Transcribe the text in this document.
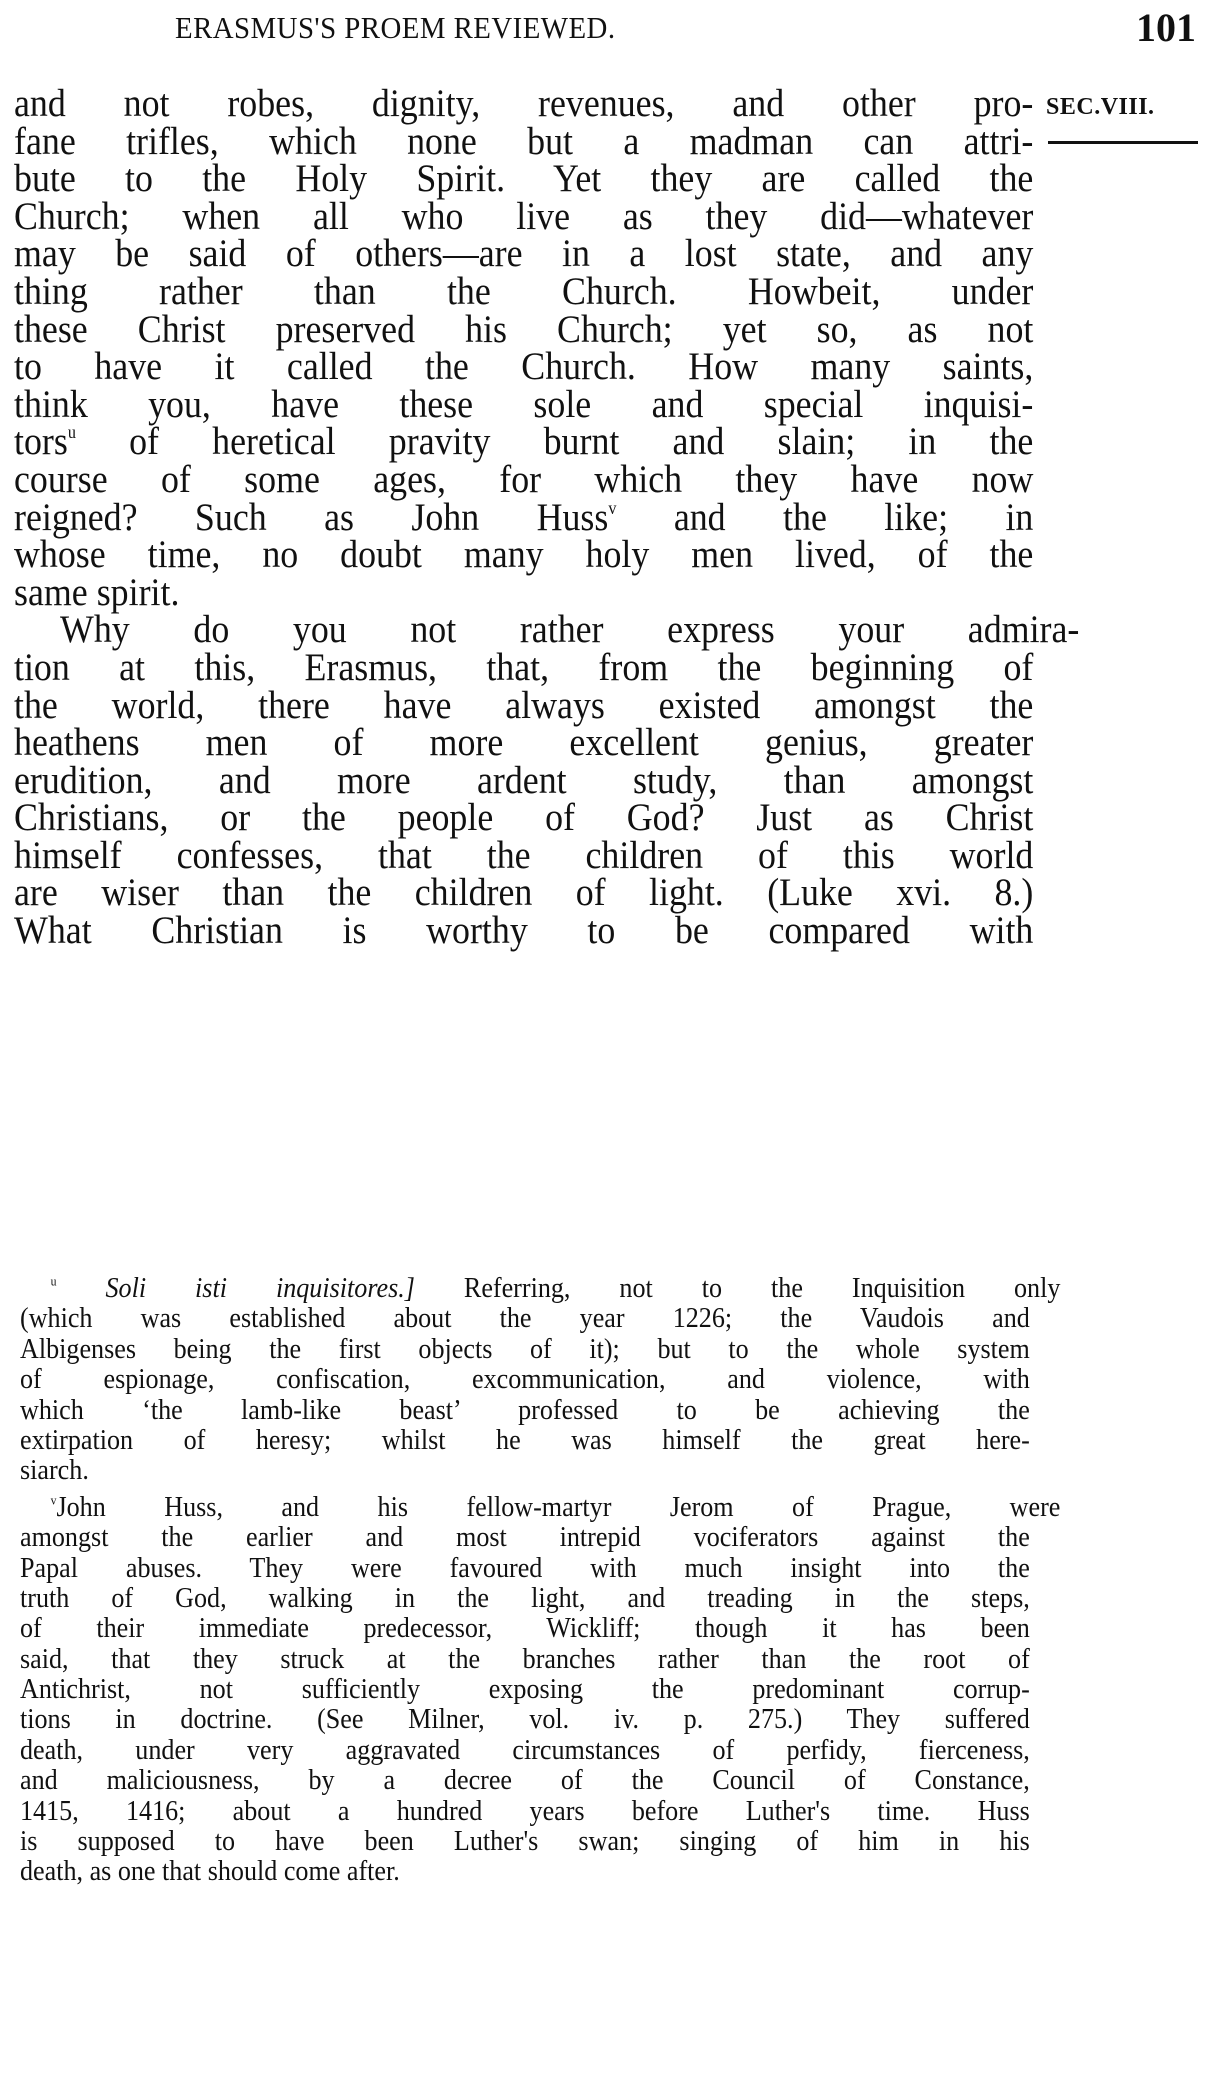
ERASMUS'S PROEM REVIEWED.	101
SEC.VIII.
and not robes, dignity, revenues, and other pro-
fane trifles, which none but a madman can attri-
bute to the Holy Spirit. Yet they are called the
Church; when all who live as they did—whatever
may be said of others—are in a lost state, and any
thing rather than the Church. Howbeit, under
these Christ preserved his Church; yet so, as not
to have it called the Church. How many saints,
think you, have these sole and special inquisi-
tors$^u$ of heretical pravity burnt and slain; in the
course of some ages, for which they have now
reigned? Such as John Huss$^v$ and the like; in
whose time, no doubt many holy men lived, of the
same spirit.
Why do you not rather express your admira-
tion at this, Erasmus, that, from the beginning of
the world, there have always existed amongst the
heathens men of more excellent genius, greater
erudition, and more ardent study, than amongst
Christians, or the people of God? Just as Christ
himself confesses, that the children of this world
are wiser than the children of light. (Luke xvi. 8.)
What Christian is worthy to be compared with
$^u$ Soli isti inquisitores.] Referring, not to the Inquisition only
(which was established about the year 1226; the Vaudois and
Albigenses being the first objects of it); but to the whole system
of espionage, confiscation, excommunication, and violence, with
which ‘the lamb-like beast’ professed to be achieving the
extirpation of heresy; whilst he was himself the great here-
siarch.
$^v$John Huss, and his fellow-martyr Jerom of Prague, were
amongst the earlier and most intrepid vociferators against the
Papal abuses. They were favoured with much insight into the
truth of God, walking in the light, and treading in the steps,
of their immediate predecessor, Wickliff; though it has been
said, that they struck at the branches rather than the root of
Antichrist, not sufficiently exposing the predominant corrup-
tions in doctrine. (See Milner, vol. iv. p. 275.) They suffered
death, under very aggravated circumstances of perfidy, fierceness,
and maliciousness, by a decree of the Council of Constance,
1415, 1416; about a hundred years before Luther's time. Huss
is supposed to have been Luther's swan; singing of him in his
death, as one that should come after.
